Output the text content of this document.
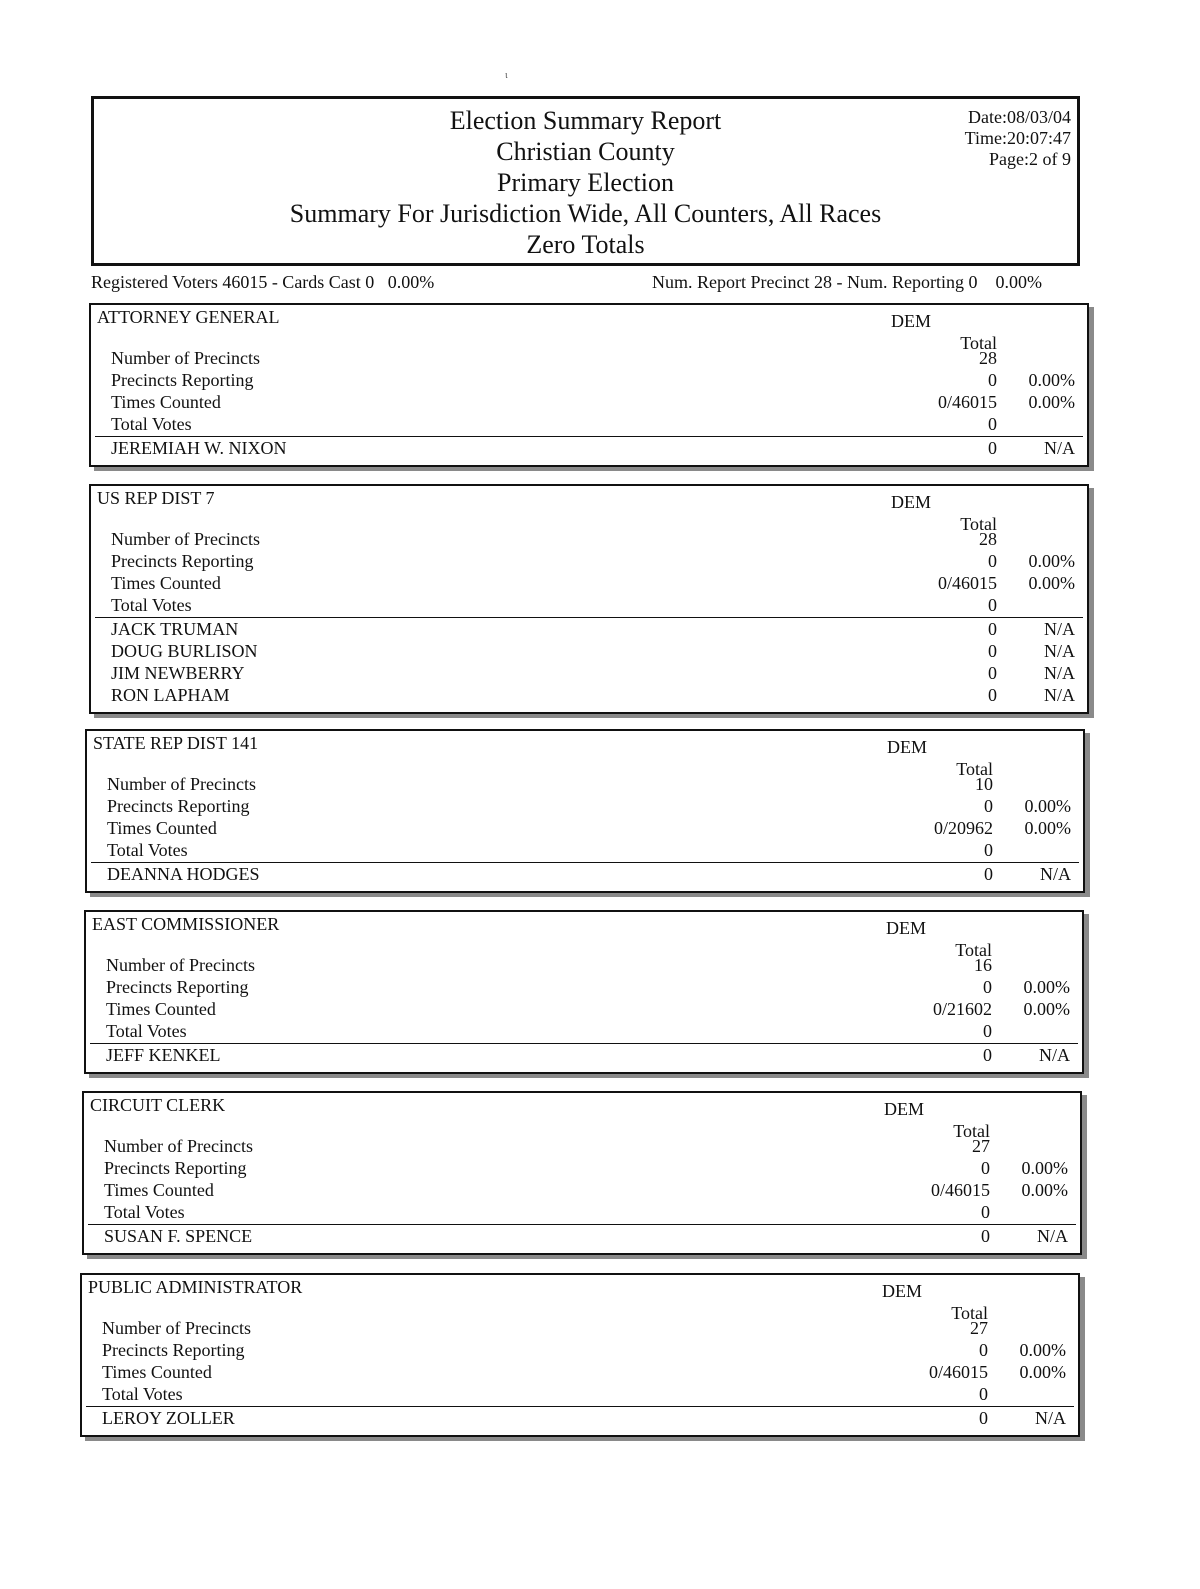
Election Summary Report
Christian County
Primary Election
Summary For Jurisdiction Wide, All Counters, All Races
Zero Totals
Date:08/03/04
Time:20:07:47
Page:2 of 9
Registered Voters 46015 - Cards Cast 0   0.00%	Num. Report Precinct 28 - Num. Reporting 0    0.00%
ATTORNEY GENERAL	DEM
Total
Number of Precincts	28
Precincts Reporting	0 0.00%
Times Counted	0/46015 0.00%
Total Votes	0
JEREMIAH W. NIXON	0	N/A
US REP DIST 7	DEM
Total
Number of Precincts	28
Precincts Reporting	0 0.00%
Times Counted	0/46015 0.00%
Total Votes	0
JACK TRUMAN	0	N/A
DOUG BURLISON	0	N/A
JIM NEWBERRY	0	N/A
RON LAPHAM	0	N/A
STATE REP DIST 141	DEM
Total
Number of Precincts	10
Precincts Reporting	0 0.00%
Times Counted	0/20962 0.00%
Total Votes	0
DEANNA HODGES	0	N/A
EAST COMMISSIONER	DEM
Total
Number of Precincts	16
Precincts Reporting	0 0.00%
Times Counted	0/21602 0.00%
Total Votes	0
JEFF KENKEL	0	N/A
CIRCUIT CLERK	DEM
Total
Number of Precincts	27
Precincts Reporting	0 0.00%
Times Counted	0/46015 0.00%
Total Votes	0
SUSAN F. SPENCE	0	N/A
PUBLIC ADMINISTRATOR	DEM
Total
Number of Precincts	27
Precincts Reporting	0 0.00%
Times Counted	0/46015 0.00%
Total Votes	0
LEROY ZOLLER	0	N/A
ι
